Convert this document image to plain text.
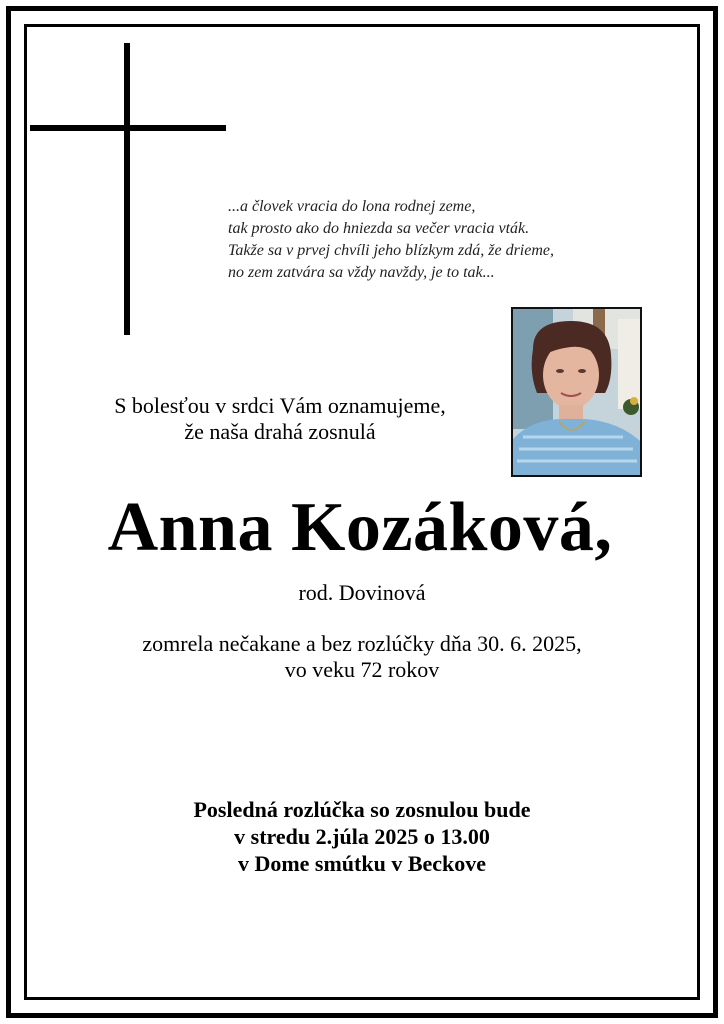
...a človek vracia do lona rodnej zeme,
tak prosto ako do hniezda sa večer vracia vták.
Takže sa v prvej chvíli jeho blízkym zdá, že drieme,
no zem zatvára sa vždy navždy, je to tak...
S bolesťou v srdci Vám oznamujeme,
že naša drahá zosnulá
Anna Kozáková,
rod. Dovinová
zomrela nečakane a bez rozlúčky dňa 30. 6. 2025,
vo veku 72 rokov
Posledná rozlúčka so zosnulou bude
v stredu 2.júla 2025 o 13.00
v Dome smútku v Beckove
